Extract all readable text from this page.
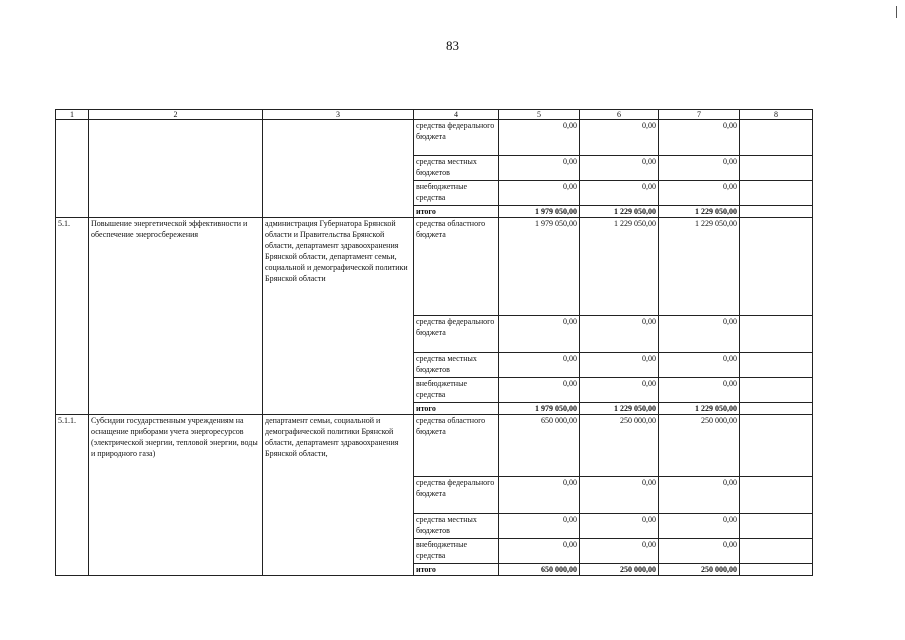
83
1	2	3	4	5	6	7	8
			средства федерального бюджета	0,00	0,00	0,00	
			средства местных бюджетов	0,00	0,00	0,00	
			внебюджетные средства	0,00	0,00	0,00	
			итого	1 979 050,00	1 229 050,00	1 229 050,00	
5.1.	Повышение энергетической эффективности и обеспечение энергосбережения	администрация Губернатора Брянской области и Правительства Брянской области, департамент здравоохранения Брянской области, департамент семьи, социальной и демографической политики Брянской области	средства областного бюджета	1 979 050,00	1 229 050,00	1 229 050,00	
			средства федерального бюджета	0,00	0,00	0,00	
			средства местных бюджетов	0,00	0,00	0,00	
			внебюджетные средства	0,00	0,00	0,00	
			итого	1 979 050,00	1 229 050,00	1 229 050,00	
5.1.1.	Субсидии государственным учреждениям на оснащение приборами учета энергоресурсов (электрической энергии, тепловой энергии, воды и природного газа)	департамент семьи, социальной и демографической политики Брянской области, департамент здравоохранения Брянской области,	средства областного бюджета	650 000,00	250 000,00	250 000,00	
			средства федерального бюджета	0,00	0,00	0,00	
			средства местных бюджетов	0,00	0,00	0,00	
			внебюджетные средства	0,00	0,00	0,00	
			итого	650 000,00	250 000,00	250 000,00	
